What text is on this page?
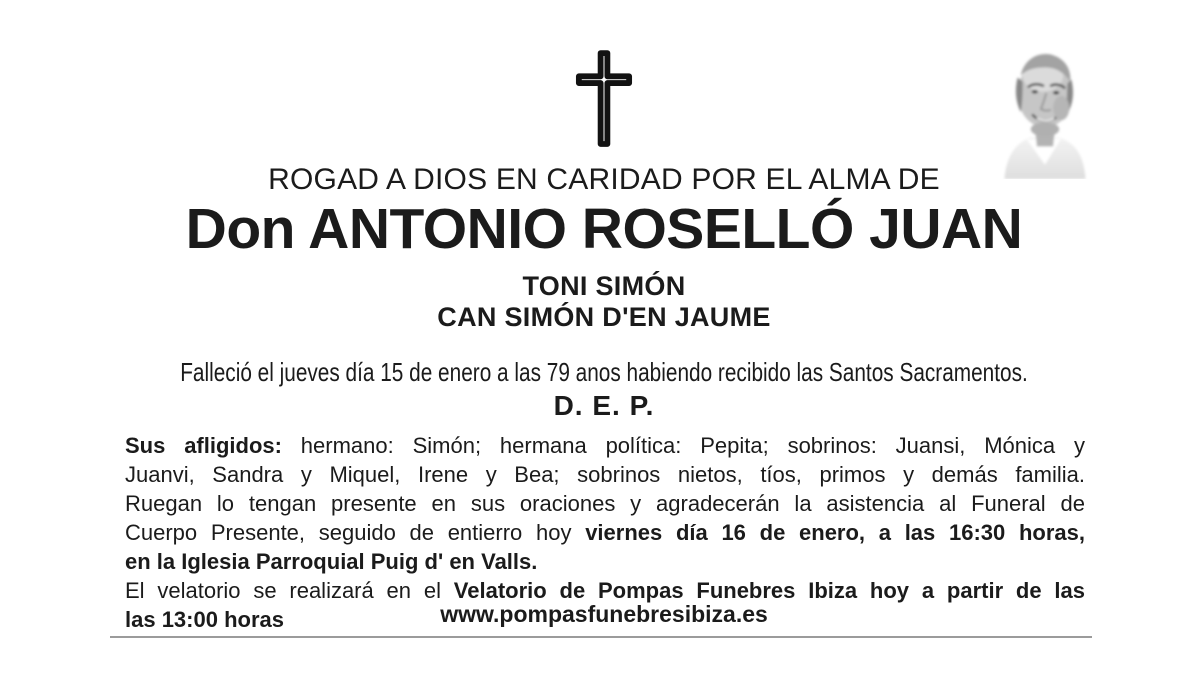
ROGAD A DIOS EN CARIDAD POR EL ALMA DE
Don ANTONIO ROSELLÓ JUAN
TONI SIMÓN
CAN SIMÓN D'EN JAUME
Falleció el jueves día 15 de enero a las 79 anos habiendo recibido las Santos Sacramentos.
D. E. P.
Sus afligidos: hermano: Simón; hermana política: Pepita; sobrinos: Juansi, Mónica y
Juanvi, Sandra y Miquel, Irene y Bea; sobrinos nietos, tíos, primos y demás familia.
Ruegan lo tengan presente en sus oraciones y agradecerán la asistencia al Funeral de
Cuerpo Presente, seguido de entierro hoy viernes día 16 de enero, a las 16:30 horas,
en la Iglesia Parroquial Puig d' en Valls.
El velatorio se realizará en el Velatorio de Pompas Funebres Ibiza hoy a partir de las
las 13:00 horas	www.pompasfunebresibiza.es
